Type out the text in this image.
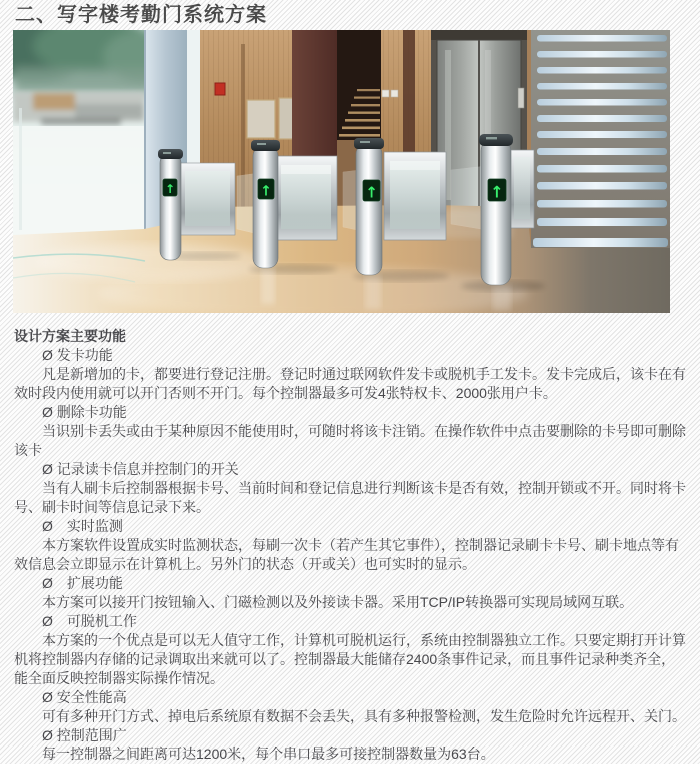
二、写字楼考勤门系统方案
↑	↑	↑	↑
设计方案主要功能
Ø 发卡功能

凡是新增加的卡，都要进行登记注册。登记时通过联网软件发卡或脱机手工发卡。发卡完成后，该卡在有效时段内使用就可以开门否则不开门。每个控制器最多可发4张特权卡、2000张用户卡。

Ø 删除卡功能

当识别卡丢失或由于某种原因不能使用时，可随时将该卡注销。在操作软件中点击要删除的卡号即可删除该卡

Ø 记录读卡信息并控制门的开关

当有人刷卡后控制器根据卡号、当前时间和登记信息进行判断该卡是否有效，控制开锁或不开。同时将卡号、刷卡时间等信息记录下来。

Ø　实时监测

本方案软件设置成实时监测状态，每刷一次卡（若产生其它事件），控制器记录刷卡卡号、刷卡地点等有效信息会立即显示在计算机上。另外门的状态（开或关）也可实时的显示。

Ø　扩展功能

本方案可以接开门按钮输入、门磁检测以及外接读卡器。采用TCP/IP转换器可实现局域网互联。

Ø　可脱机工作

本方案的一个优点是可以无人值守工作，计算机可脱机运行，系统由控制器独立工作。只要定期打开计算机将控制器内存储的记录调取出来就可以了。控制器最大能储存2400条事件记录，而且事件记录种类齐全，能全面反映控制器实际操作情况。

Ø 安全性能高

可有多种开门方式、掉电后系统原有数据不会丢失，具有多种报警检测，发生危险时允许远程开、关门。

Ø 控制范围广

每一控制器之间距离可达1200米，每个串口最多可接控制器数量为63台。
